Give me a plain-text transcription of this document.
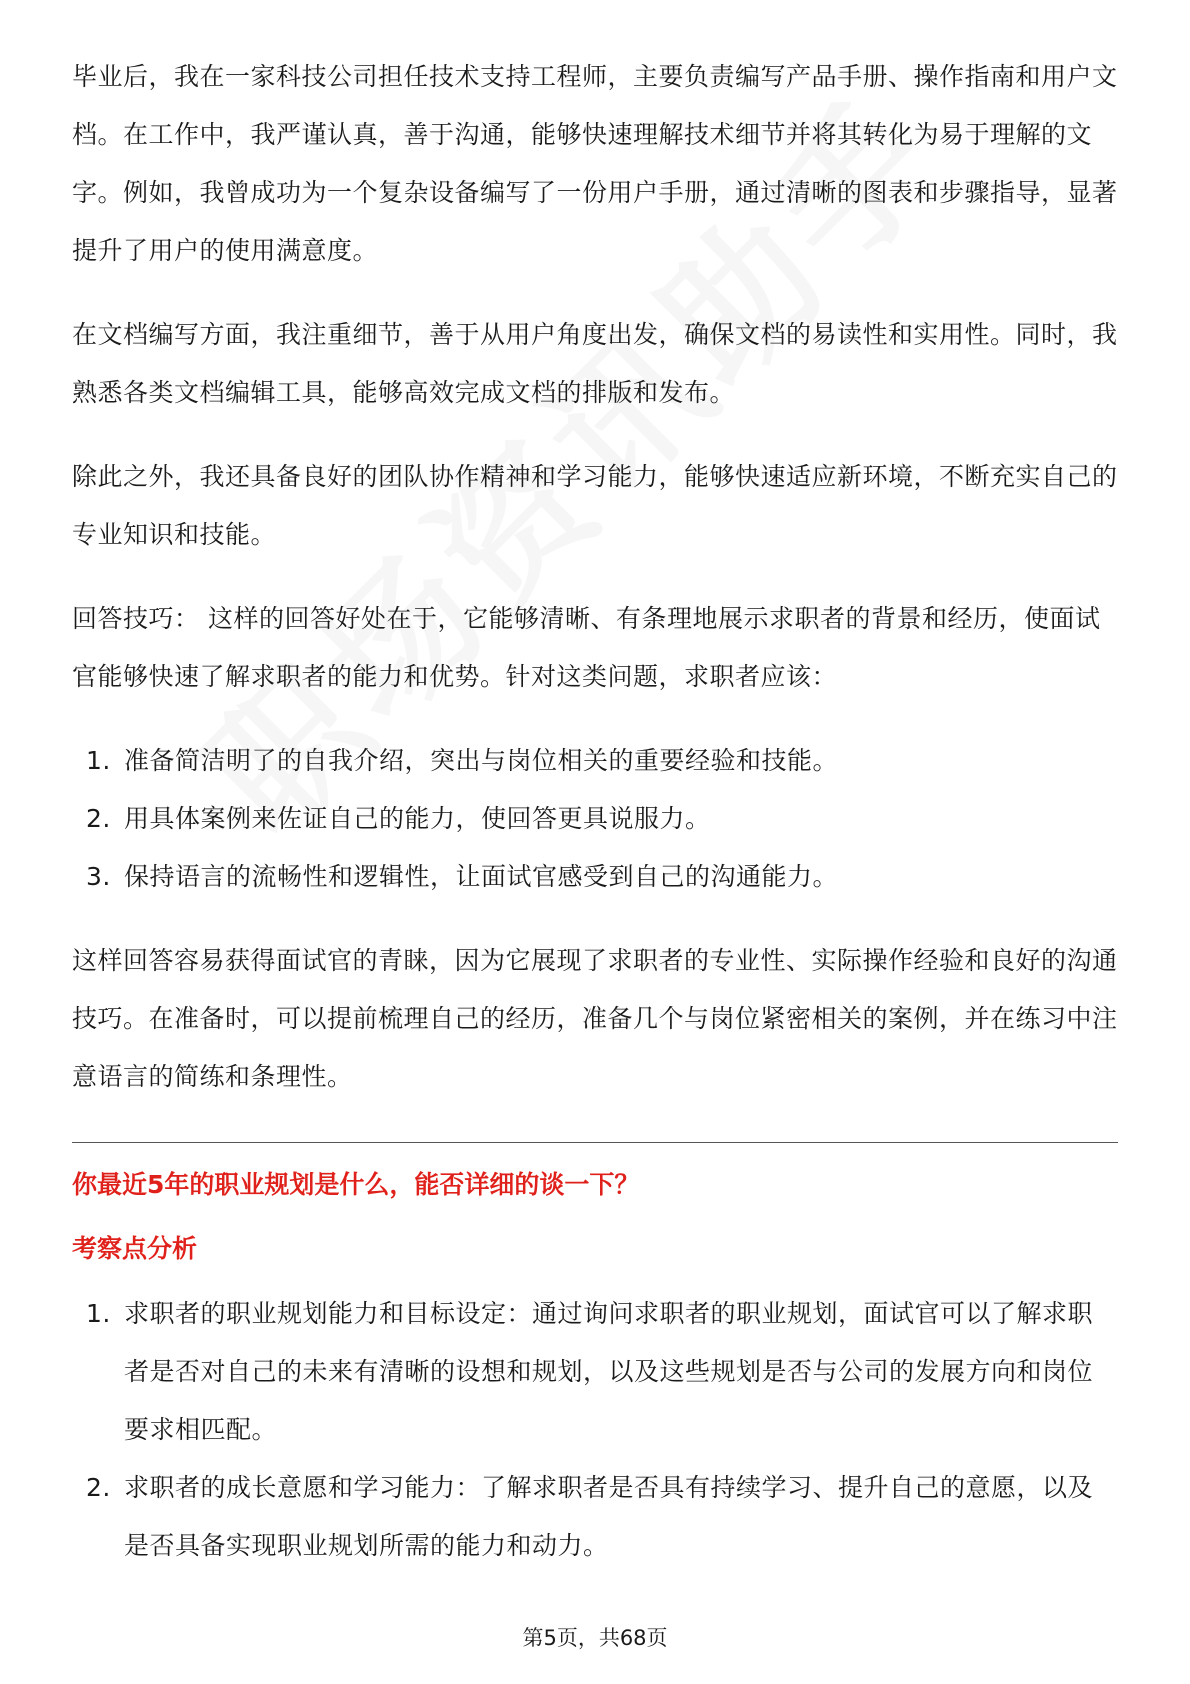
毕业后，我在一家科技公司担任技术支持工程师，主要负责编写产品手册、操作指南和用户文档。在工作中，我严谨认真，善于沟通，能够快速理解技术细节并将其转化为易于理解的文字。例如，我曾成功为一个复杂设备编写了一份用户手册，通过清晰的图表和步骤指导，显著提升了用户的使用满意度。

在文档编写方面，我注重细节，善于从用户角度出发，确保文档的易读性和实用性。同时，我熟悉各类文档编辑工具，能够高效完成文档的排版和发布。

除此之外，我还具备良好的团队协作精神和学习能力，能够快速适应新环境，不断充实自己的专业知识和技能。

回答技巧： 这样的回答好处在于，它能够清晰、有条理地展示求职者的背景和经历，使面试官能够快速了解求职者的能力和优势。针对这类问题，求职者应该：

1. 准备简洁明了的自我介绍，突出与岗位相关的重要经验和技能。
2. 用具体案例来佐证自己的能力，使回答更具说服力。
3. 保持语言的流畅性和逻辑性，让面试官感受到自己的沟通能力。

这样回答容易获得面试官的青睐，因为它展现了求职者的专业性、实际操作经验和良好的沟通技巧。在准备时，可以提前梳理自己的经历，准备几个与岗位紧密相关的案例，并在练习中注意语言的简练和条理性。

你最近5年的职业规划是什么，能否详细的谈一下？
考察点分析
1. 求职者的职业规划能力和目标设定：通过询问求职者的职业规划，面试官可以了解求职者是否对自己的未来有清晰的设想和规划，以及这些规划是否与公司的发展方向和岗位要求相匹配。
2. 求职者的成长意愿和学习能力：了解求职者是否具有持续学习、提升自己的意愿，以及是否具备实现职业规划所需的能力和动力。
第5页，共68页
